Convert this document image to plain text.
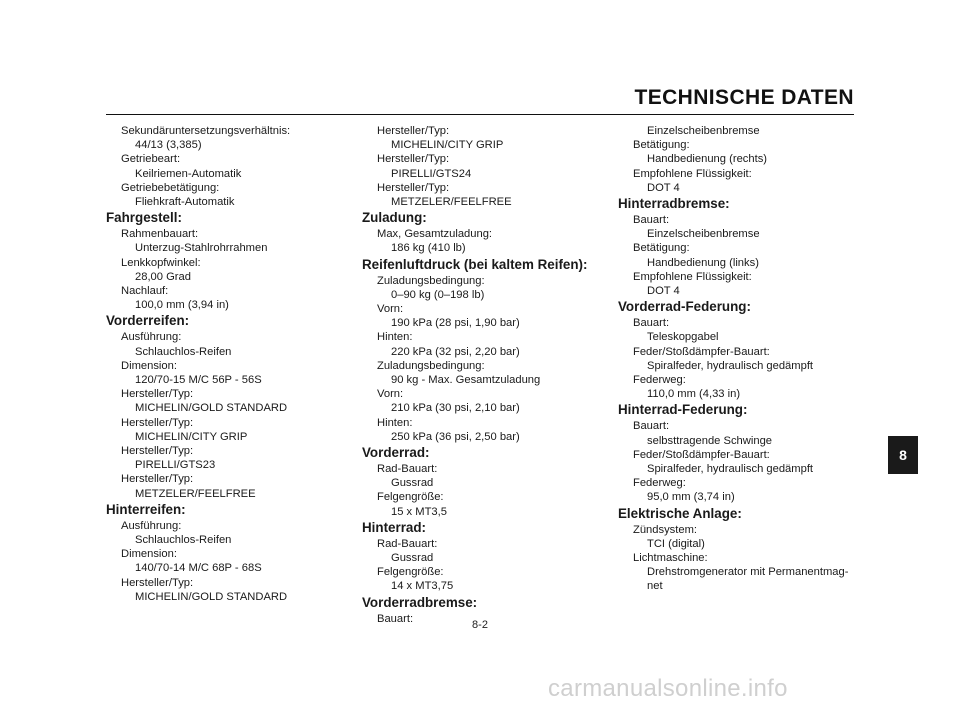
TECHNISCHE DATEN
Sekundäruntersetzungsverhältnis:
44/13 (3,385)
Getriebeart:
Keilriemen-Automatik
Getriebebetätigung:
Fliehkraft-Automatik
Fahrgestell:
Rahmenbauart:
Unterzug-Stahlrohrrahmen
Lenkkopfwinkel:
28,00 Grad
Nachlauf:
100,0 mm (3,94 in)
Vorderreifen:
Ausführung:
Schlauchlos-Reifen
Dimension:
120/70-15 M/C 56P - 56S
Hersteller/Typ:
MICHELIN/GOLD STANDARD
Hersteller/Typ:
MICHELIN/CITY GRIP
Hersteller/Typ:
PIRELLI/GTS23
Hersteller/Typ:
METZELER/FEELFREE
Hinterreifen:
Ausführung:
Schlauchlos-Reifen
Dimension:
140/70-14 M/C 68P - 68S
Hersteller/Typ:
MICHELIN/GOLD STANDARD
Hersteller/Typ:
MICHELIN/CITY GRIP
Hersteller/Typ:
PIRELLI/GTS24
Hersteller/Typ:
METZELER/FEELFREE
Zuladung:
Max, Gesamtzuladung:
186 kg (410 lb)
Reifenluftdruck (bei kaltem Reifen):
Zuladungsbedingung:
0–90 kg (0–198 lb)
Vorn:
190 kPa (28 psi, 1,90 bar)
Hinten:
220 kPa (32 psi, 2,20 bar)
Zuladungsbedingung:
90 kg - Max. Gesamtzuladung
Vorn:
210 kPa (30 psi, 2,10 bar)
Hinten:
250 kPa (36 psi, 2,50 bar)
Vorderrad:
Rad-Bauart:
Gussrad
Felgengröße:
15 x MT3,5
Hinterrad:
Rad-Bauart:
Gussrad
Felgengröße:
14 x MT3,75
Vorderradbremse:
Bauart:
Einzelscheibenbremse
Betätigung:
Handbedienung (rechts)
Empfohlene Flüssigkeit:
DOT 4
Hinterradbremse:
Bauart:
Einzelscheibenbremse
Betätigung:
Handbedienung (links)
Empfohlene Flüssigkeit:
DOT 4
Vorderrad-Federung:
Bauart:
Teleskopgabel
Feder/Stoßdämpfer-Bauart:
Spiralfeder, hydraulisch gedämpft
Federweg:
110,0 mm (4,33 in)
Hinterrad-Federung:
Bauart:
selbsttragende Schwinge
Feder/Stoßdämpfer-Bauart:
Spiralfeder, hydraulisch gedämpft
Federweg:
95,0 mm (3,74 in)
Elektrische Anlage:
Zündsystem:
TCI (digital)
Lichtmaschine:
Drehstromgenerator mit Permanentmag-
net
8
8-2
carmanualsonline.info
